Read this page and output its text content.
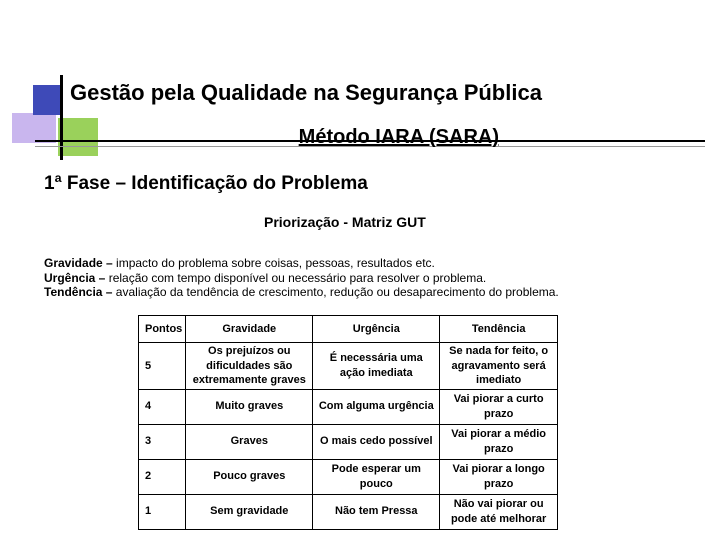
Gestão pela Qualidade na Segurança Pública
Método IARA (SARA)
1ª Fase – Identificação do Problema
Priorização - Matriz GUT
Gravidade – impacto do problema sobre coisas, pessoas, resultados etc.
Urgência – relação com tempo disponível ou necessário para resolver o problema.
Tendência – avaliação da tendência de crescimento, redução ou desaparecimento do problema.
Pontos	Gravidade	Urgência	Tendência
5	Os prejuízos ou dificuldades são extremamente graves	É necessária uma ação imediata	Se nada for feito, o agravamento será imediato
4	Muito graves	Com alguma urgência	Vai piorar a curto prazo
3	Graves	O mais cedo possível	Vai piorar a médio prazo
2	Pouco graves	Pode esperar um pouco	Vai piorar a longo prazo
1	Sem gravidade	Não tem Pressa	Não vai piorar ou pode até melhorar
